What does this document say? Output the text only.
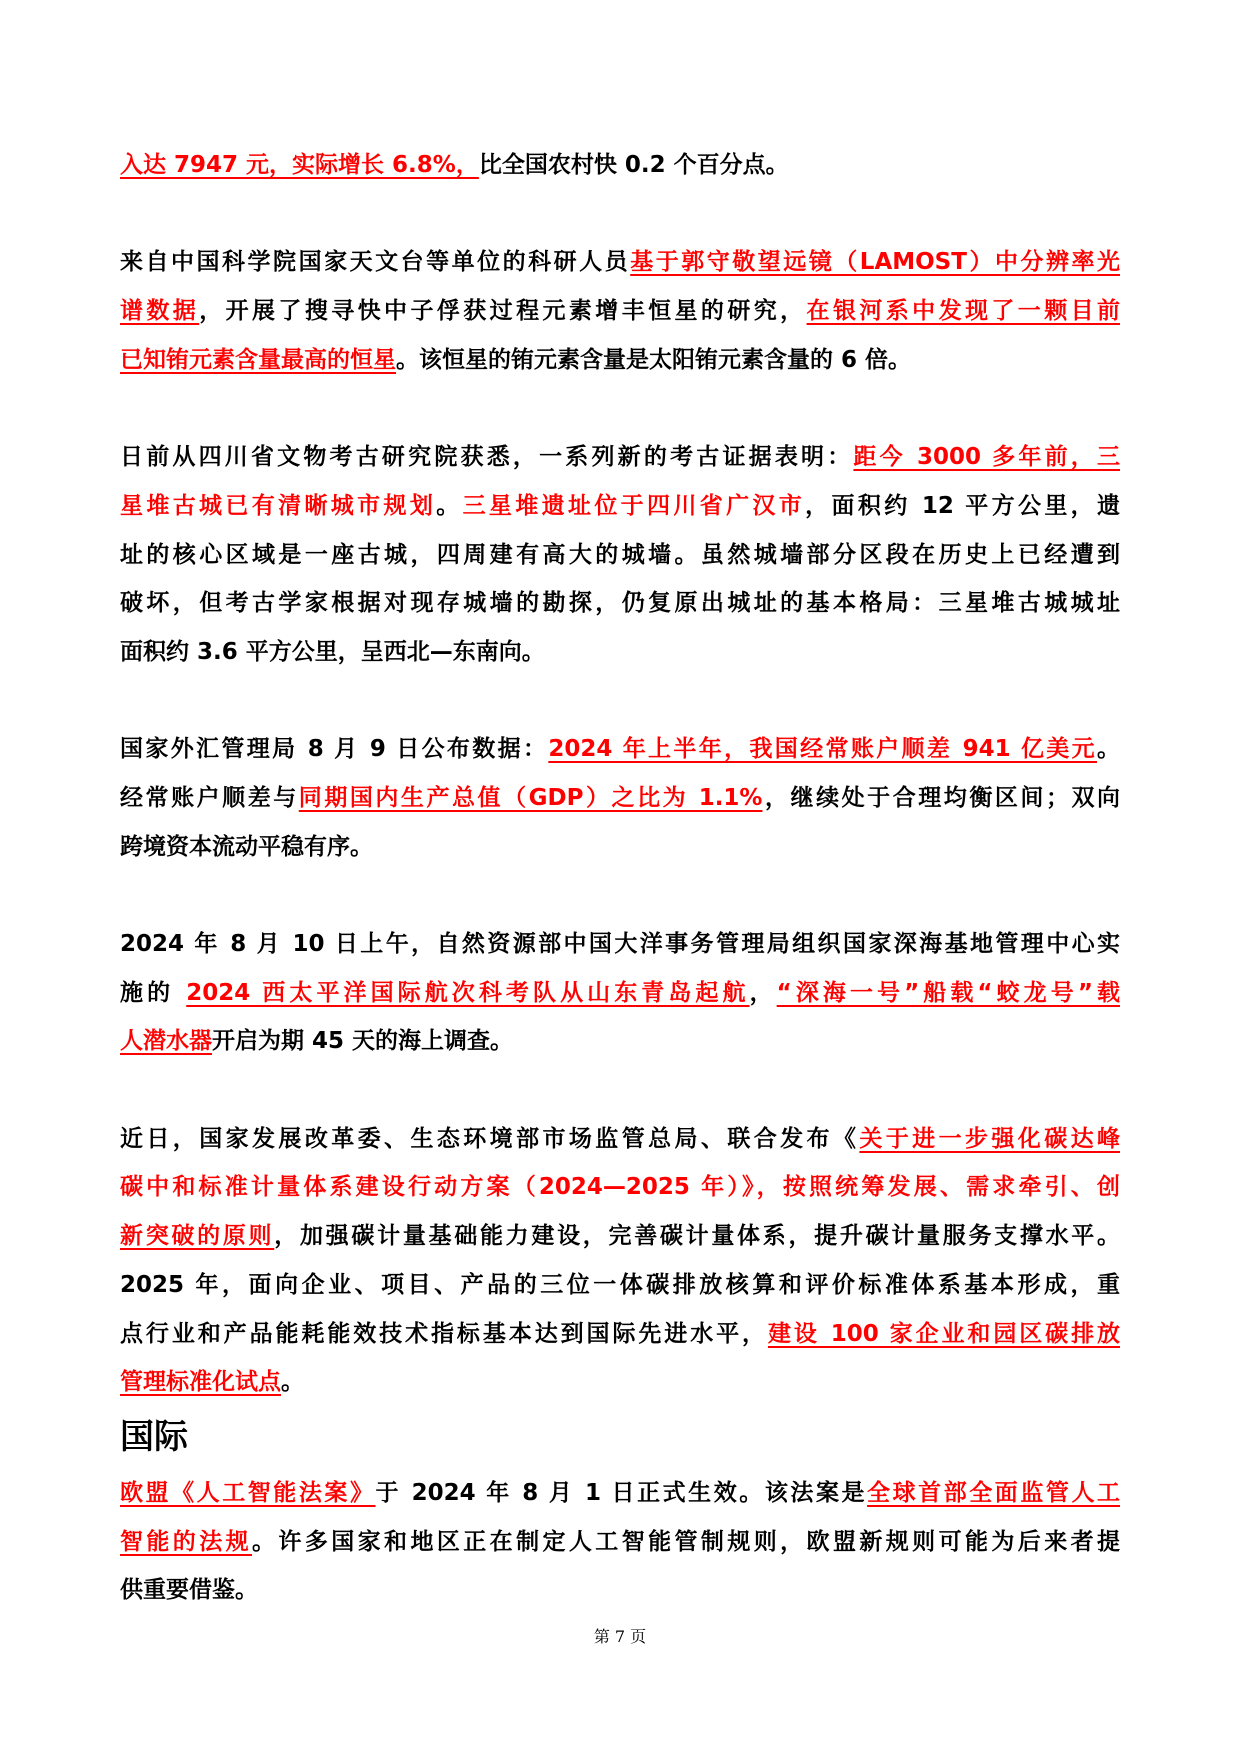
入达 7947 元，实际增长 6.8%，比全国农村快 0.2 个百分点。
来自中国科学院国家天文台等单位的科研人员基于郭守敬望远镜（LAMOST）中分辨率光
谱数据，开展了搜寻快中子俘获过程元素增丰恒星的研究，在银河系中发现了一颗目前
已知铕元素含量最高的恒星。该恒星的铕元素含量是太阳铕元素含量的 6 倍。
日前从四川省文物考古研究院获悉，一系列新的考古证据表明：距今 3000 多年前，三
星堆古城已有清晰城市规划。三星堆遗址位于四川省广汉市，面积约 12 平方公里，遗
址的核心区域是一座古城，四周建有高大的城墙。虽然城墙部分区段在历史上已经遭到
破坏，但考古学家根据对现存城墙的勘探，仍复原出城址的基本格局：三星堆古城城址
面积约 3.6 平方公里，呈西北—东南向。
国家外汇管理局 8 月 9 日公布数据：2024 年上半年，我国经常账户顺差 941 亿美元。
经常账户顺差与同期国内生产总值（GDP）之比为 1.1%，继续处于合理均衡区间；双向
跨境资本流动平稳有序。
2024 年 8 月 10 日上午，自然资源部中国大洋事务管理局组织国家深海基地管理中心实
施的 2024 西太平洋国际航次科考队从山东青岛起航，“深海一号”船载“蛟龙号”载
人潜水器开启为期 45 天的海上调查。
近日，国家发展改革委、生态环境部市场监管总局、联合发布《关于进一步强化碳达峰
碳中和标准计量体系建设行动方案（2024—2025 年）》，按照统筹发展、需求牵引、创
新突破的原则，加强碳计量基础能力建设，完善碳计量体系，提升碳计量服务支撑水平。
2025 年，面向企业、项目、产品的三位一体碳排放核算和评价标准体系基本形成，重
点行业和产品能耗能效技术指标基本达到国际先进水平，建设 100 家企业和园区碳排放
管理标准化试点。
国际
欧盟《人工智能法案》于 2024 年 8 月 1 日正式生效。该法案是全球首部全面监管人工
智能的法规。许多国家和地区正在制定人工智能管制规则，欧盟新规则可能为后来者提
供重要借鉴。
第 7 页
